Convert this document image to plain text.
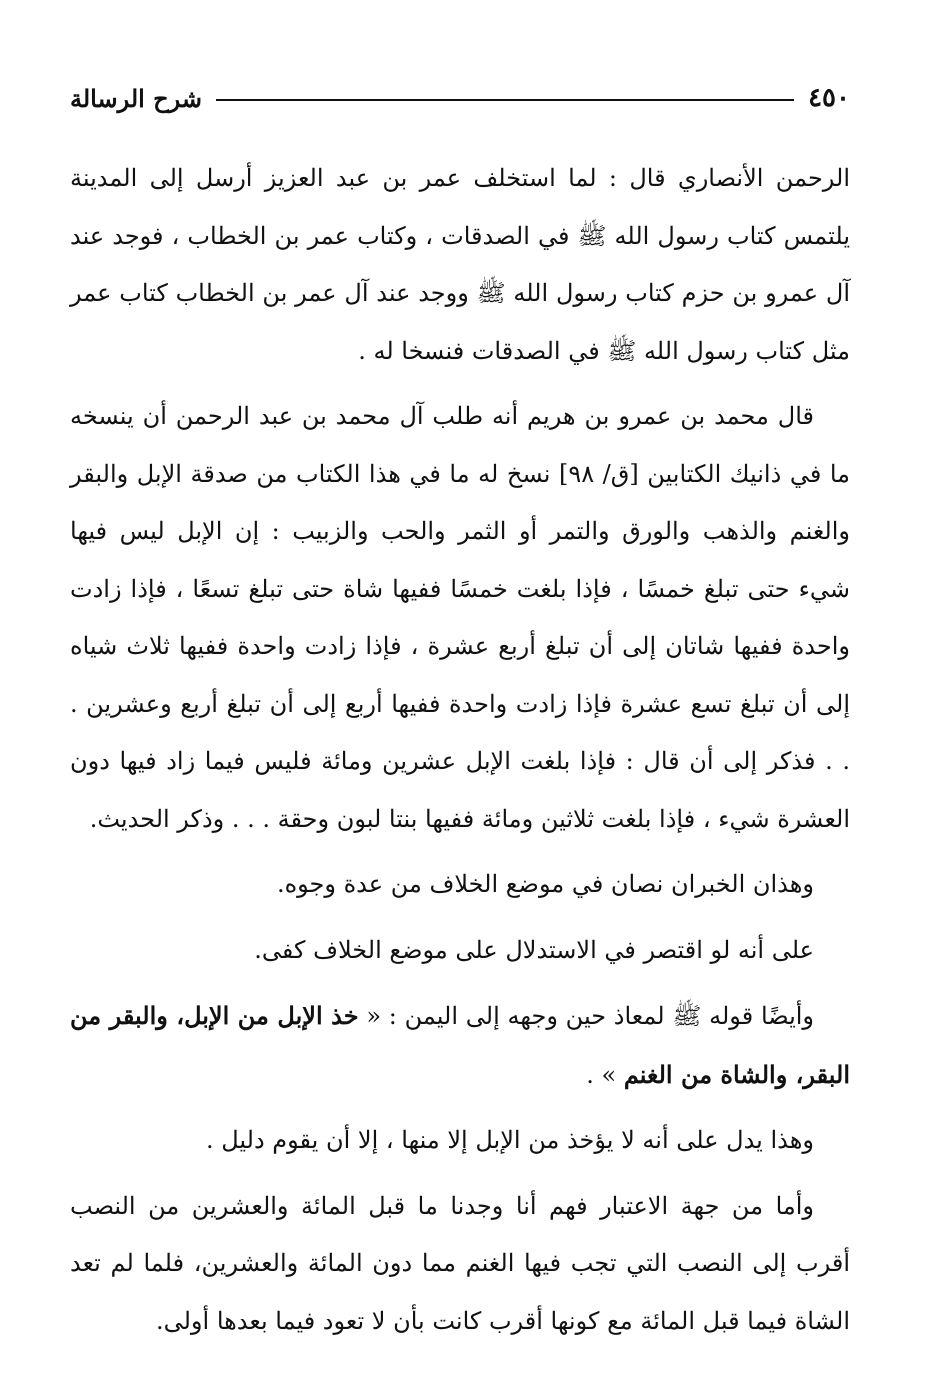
٤٥٠
شرح الرسالة

الرحمن الأنصاري قال : لما استخلف عمر بن عبد العزيز أرسل إلى المدينة يلتمس كتاب رسول الله ﷺ في الصدقات ، وكتاب عمر بن الخطاب ، فوجد عند آل عمرو بن حزم كتاب رسول الله ﷺ ووجد عند آل عمر بن الخطاب كتاب عمر مثل كتاب رسول الله ﷺ في الصدقات فنسخا له .

قال محمد بن عمرو بن هريم أنه طلب آل محمد بن عبد الرحمن أن ينسخه ما في ذانيك الكتابين [ق/ ٩٨] نسخ له ما في هذا الكتاب من صدقة الإبل والبقر والغنم والذهب والورق والتمر أو الثمر والحب والزبيب : إن الإبل ليس فيها شيء حتى تبلغ خمسًا ، فإذا بلغت خمسًا ففيها شاة حتى تبلغ تسعًا ، فإذا زادت واحدة ففيها شاتان إلى أن تبلغ أربع عشرة ، فإذا زادت واحدة ففيها ثلاث شياه إلى أن تبلغ تسع عشرة فإذا زادت واحدة ففيها أربع إلى أن تبلغ أربع وعشرين . . . فذكر إلى أن قال : فإذا بلغت الإبل عشرين ومائة فليس فيما زاد فيها دون العشرة شيء ، فإذا بلغت ثلاثين ومائة ففيها بنتا لبون وحقة . . . وذكر الحديث.

وهذان الخبران نصان في موضع الخلاف من عدة وجوه.

على أنه لو اقتصر في الاستدلال على موضع الخلاف كفى.

وأيضًا قوله ﷺ لمعاذ حين وجهه إلى اليمن : « خذ الإبل من الإبل، والبقر من البقر، والشاة من الغنم » .

وهذا يدل على أنه لا يؤخذ من الإبل إلا منها ، إلا أن يقوم دليل .

وأما من جهة الاعتبار فهم أنا وجدنا ما قبل المائة والعشرين من النصب أقرب إلى النصب التي تجب فيها الغنم مما دون المائة والعشرين، فلما لم تعد الشاة فيما قبل المائة مع كونها أقرب كانت بأن لا تعود فيما بعدها أولى.
